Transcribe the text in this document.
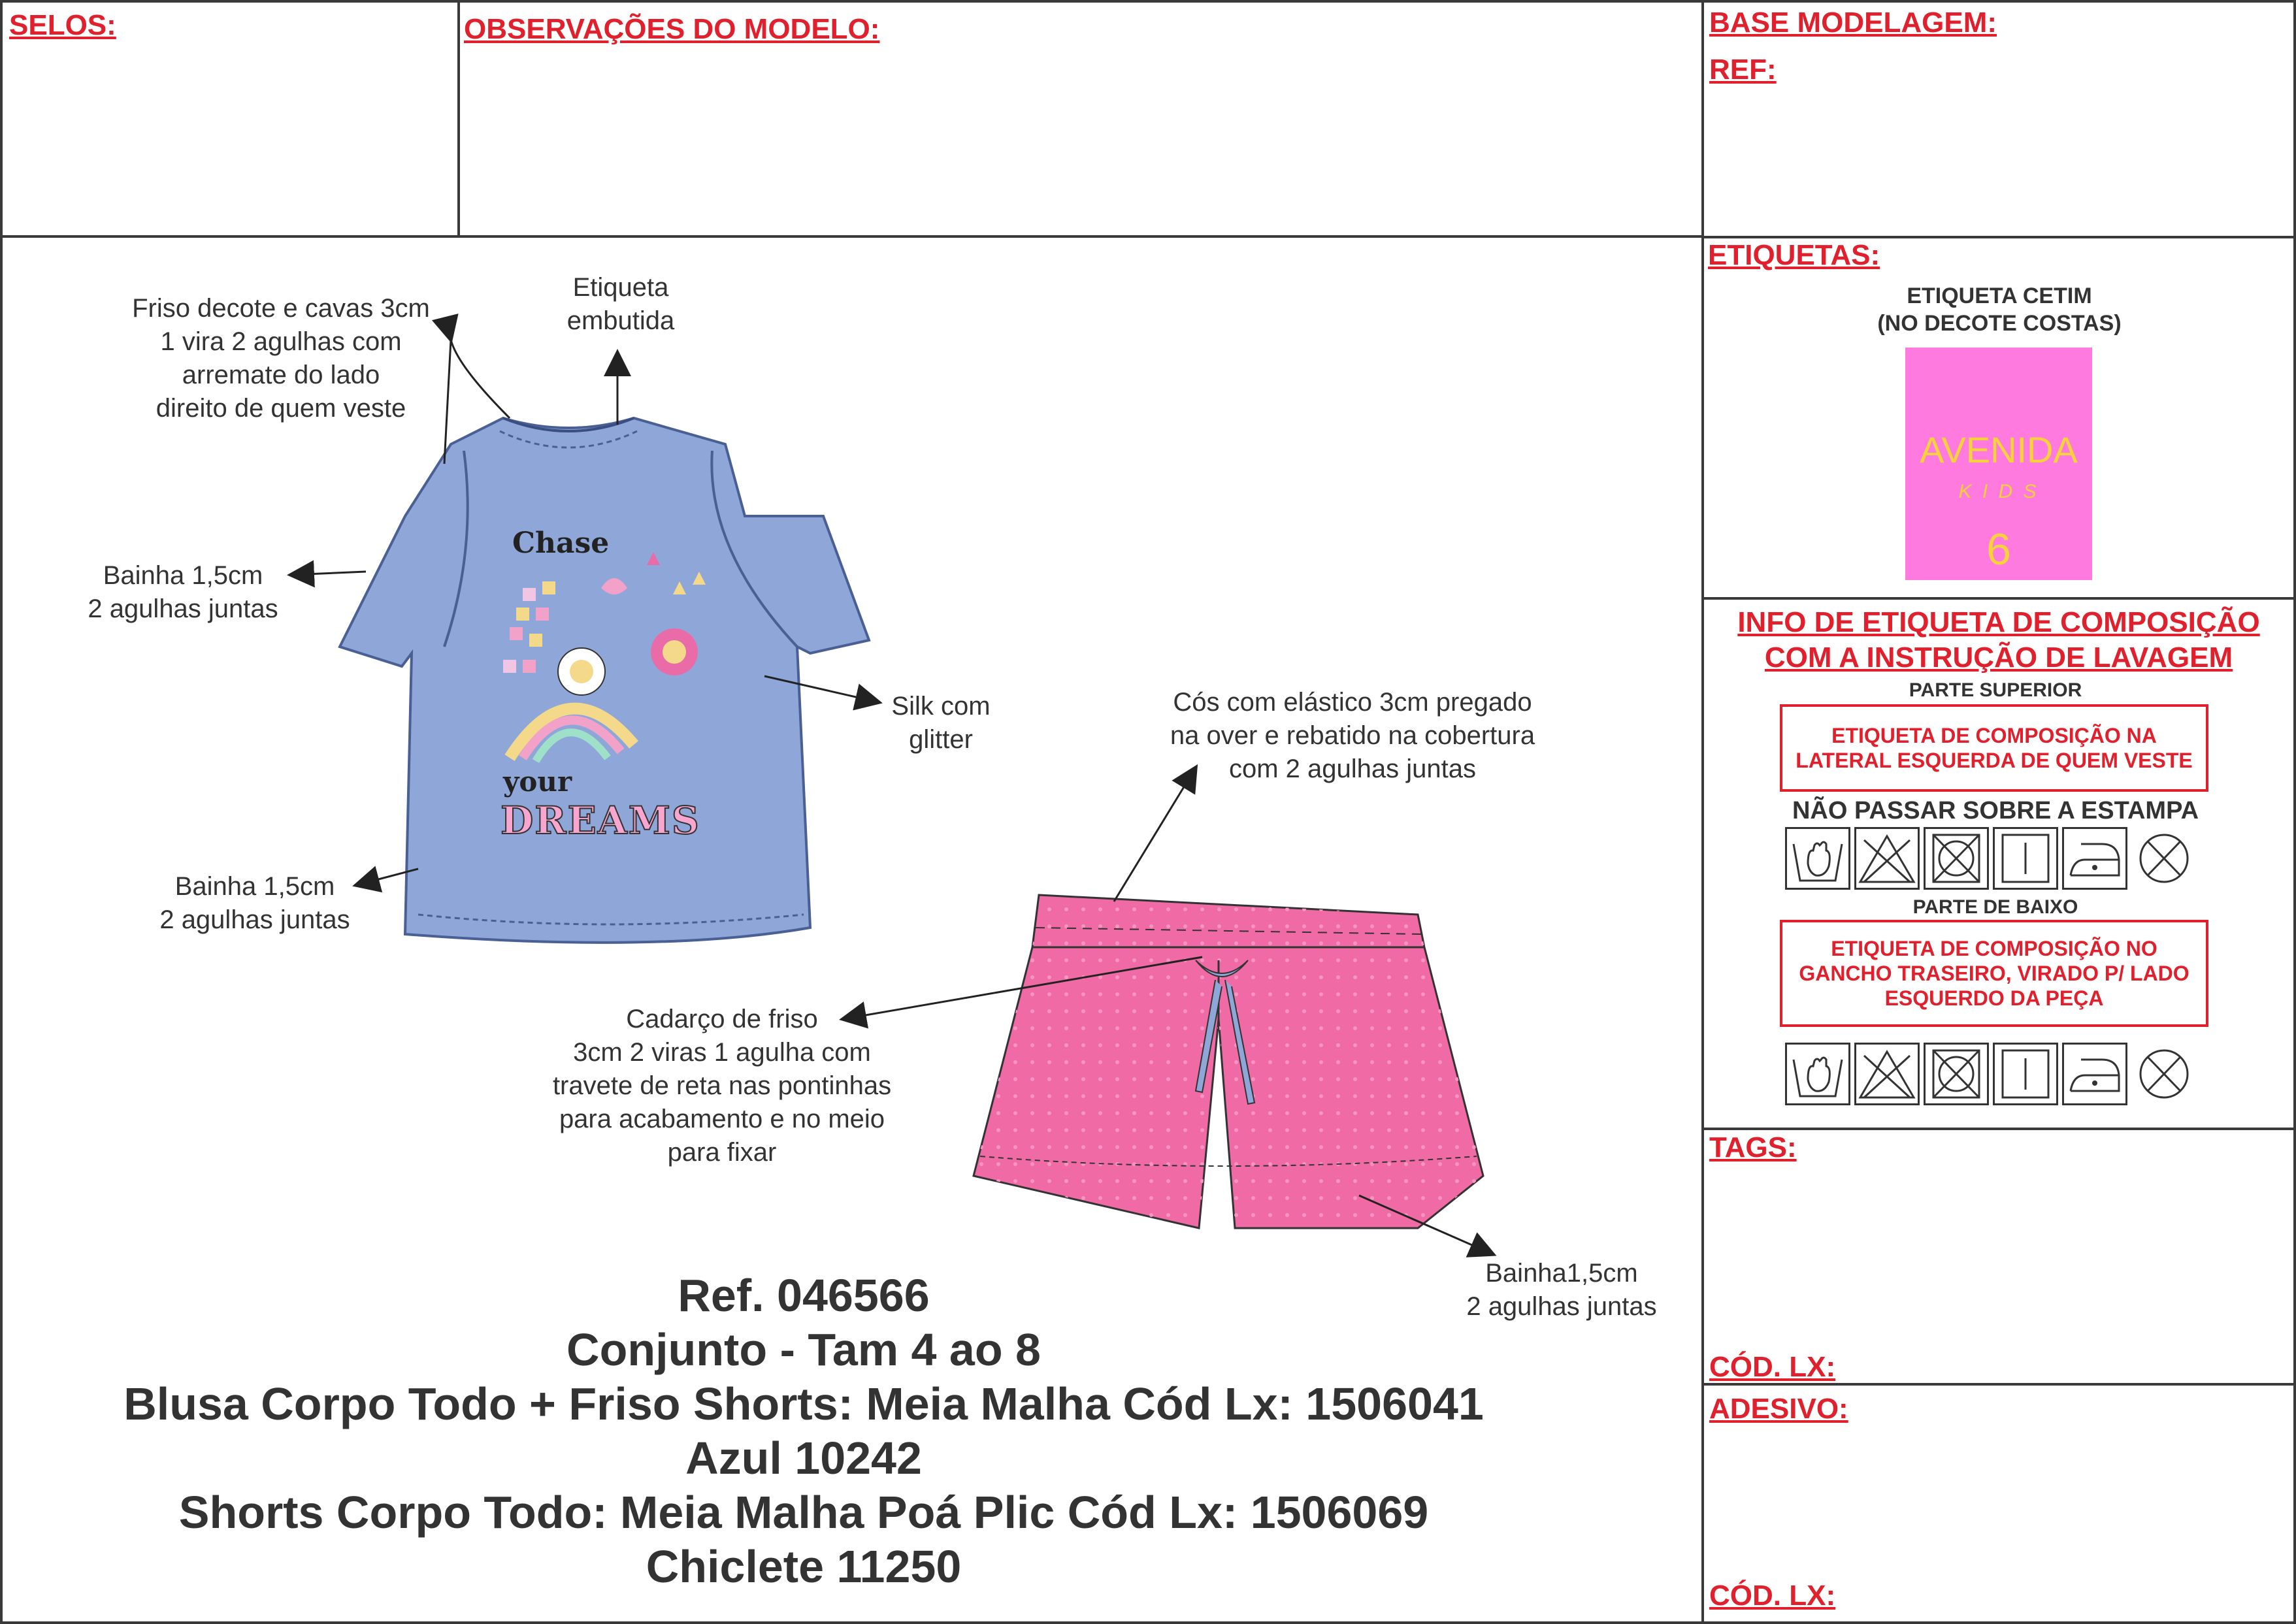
SELOS:	OBSERVAÇÕES DO MODELO:	BASE MODELAGEM:
REF:
ETIQUETAS:
ETIQUETA CETIM
(NO DECOTE COSTAS)
AVENIDA
K I D S
6
INFO DE ETIQUETA DE COMPOSIÇÃO
COM A INSTRUÇÃO DE LAVAGEM
PARTE SUPERIOR
ETIQUETA DE COMPOSIÇÃO NA LATERAL ESQUERDA DE QUEM VESTE
NÃO PASSAR SOBRE A ESTAMPA
PARTE DE BAIXO
ETIQUETA DE COMPOSIÇÃO NO GANCHO TRASEIRO, VIRADO P/ LADO ESQUERDO DA PEÇA
TAGS:
CÓD. LX:
ADESIVO:
CÓD. LX:
Chase
your
DREAMS
Friso decote e cavas 3cm
1 vira 2 agulhas com
arremate do lado
direito de quem veste
Etiqueta
embutida
Bainha 1,5cm
2 agulhas juntas
Silk com
glitter
Bainha 1,5cm
2 agulhas juntas
Cós com elástico 3cm pregado
na over e rebatido na cobertura
com 2 agulhas juntas
Cadarço de friso
3cm 2 viras 1 agulha com
travete de reta nas pontinhas
para acabamento e no meio
para fixar
Bainha1,5cm
2 agulhas juntas
Ref. 046566
Conjunto - Tam 4 ao 8
Blusa Corpo Todo + Friso Shorts: Meia Malha Cód Lx: 1506041
Azul 10242
Shorts Corpo Todo: Meia Malha Poá Plic Cód Lx: 1506069
Chiclete 11250
